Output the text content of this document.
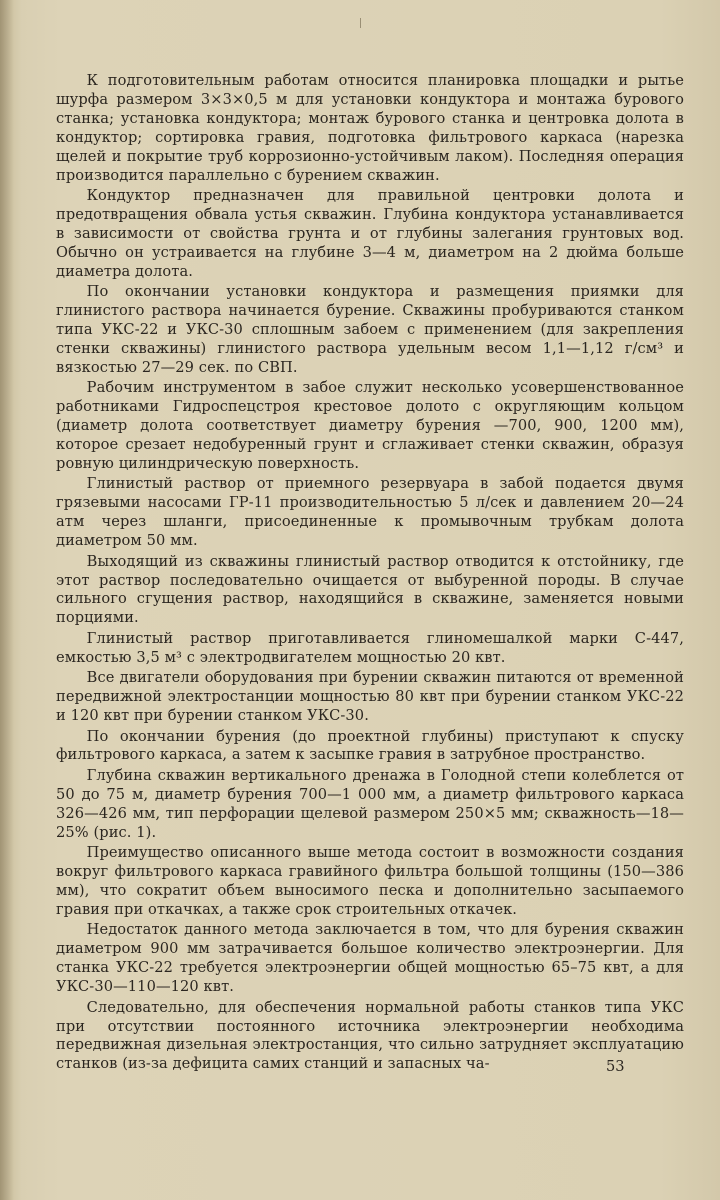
К подготовительным работам относится планировка площадки и рытье шурфа размером 3×3×0,5 м для установки кондуктора и монтажа бурового станка; установка кондуктора; монтаж бурового станка и центровка долота в кондуктор; сортировка гравия, подготовка фильтрового каркаса (нарезка щелей и покрытие труб коррозионно-устойчивым лаком). Последняя операция производится параллельно с бурением скважин.

Кондуктор предназначен для правильной центровки долота и предотвращения обвала устья скважин. Глубина кондуктора устанавливается в зависимости от свойства грунта и от глубины залегания грунтовых вод. Обычно он устраивается на глубине 3—4 м, диаметром на 2 дюйма больше диаметра долота.

По окончании установки кондуктора и размещения приямки для глинистого раствора начинается бурение. Скважины пробуриваются станком типа УКС-22 и УКС-30 сплошным забоем с применением (для закрепления стенки скважины) глинистого раствора удельным весом 1,1—1,12 г/см³ и вязкостью 27—29 сек. по СВП.

Рабочим инструментом в забое служит несколько усовершенствованное работниками Гидроспецстроя крестовое долото с округляющим кольцом (диаметр долота соответствует диаметру бурения —700, 900, 1200 мм), которое срезает недобуренный грунт и сглаживает стенки скважин, образуя ровную цилиндрическую поверхность.

Глинистый раствор от приемного резервуара в забой подается двумя грязевыми насосами ГР-11 производительностью 5 л/сек и давлением 20—24 атм через шланги, присоединенные к промывочным трубкам долота диаметром 50 мм.

Выходящий из скважины глинистый раствор отводится к отстойнику, где этот раствор последовательно очищается от выбуренной породы. В случае сильного сгущения раствор, находящийся в скважине, заменяется новыми порциями.

Глинистый раствор приготавливается глиномешалкой марки С-447, емкостью 3,5 м³ с электродвигателем мощностью 20 квт.

Все двигатели оборудования при бурении скважин питаются от временной передвижной электростанции мощностью 80 квт при бурении станком УКС-22 и 120 квт при бурении станком УКС-30.

По окончании бурения (до проектной глубины) приступают к спуску фильтрового каркаса, а затем к засыпке гравия в затрубное пространство.

Глубина скважин вертикального дренажа в Голодной степи колеблется от 50 до 75 м, диаметр бурения 700—1 000 мм, а диаметр фильтрового каркаса 326—426 мм, тип перфорации щелевой размером 250×5 мм; скважность—18—25% (рис. 1).

Преимущество описанного выше метода состоит в возможности создания вокруг фильтрового каркаса гравийного фильтра большой толщины (150—386 мм), что сократит объем выносимого песка и дополнительно засыпаемого гравия при откачках, а также срок строительных откачек.

Недостаток данного метода заключается в том, что для бурения скважин диаметром 900 мм затрачивается большое количество электроэнергии. Для станка УКС-22 требуется электроэнергии общей мощностью 65–75 квт, а для УКС-30—110—120 квт.

Следовательно, для обеспечения нормальной работы станков типа УКС при отсутствии постоянного источника электроэнергии необходима передвижная дизельная электростанция, что сильно затрудняет эксплуатацию станков (из-за дефицита самих станций и запасных ча-	53
